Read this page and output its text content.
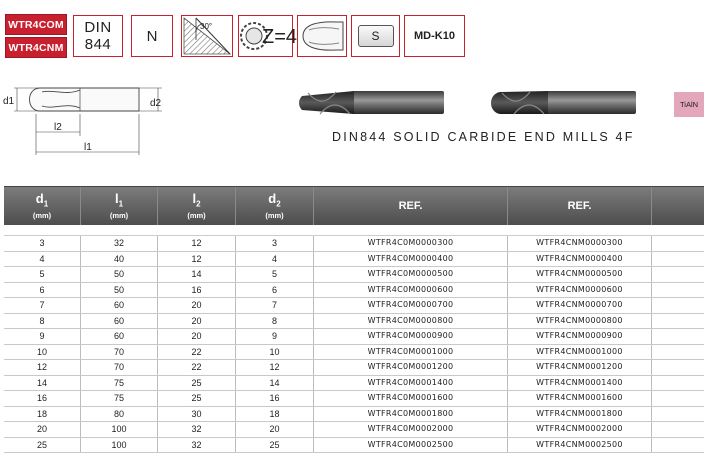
WTR4COM
WTR4CNM
DIN
844 N
30° Z=4	S	MD-K10
d1	d2
l2
l1
DIN844 SOLID CARBIDE END MILLS 4F
TiAlN
$d_1$
(mm)
$l_1$
(mm)
$l_2$
(mm)
$d_2$
(mm)
REF.	REF.
3	32	12	3	WTFR4C0M0000300	WTFR4CNM0000300
4	40	12	4	WTFR4C0M0000400	WTFR4CNM0000400
5	50	14	5	WTFR4C0M0000500	WTFR4CNM0000500
6	50	16	6	WTFR4C0M0000600	WTFR4CNM0000600
7	60	20	7	WTFR4C0M0000700	WTFR4CNM0000700
8	60	20	8	WTFR4C0M0000800	WTFR4CNM0000800
9	60	20	9	WTFR4C0M0000900	WTFR4CNM0000900
10	70	22	10	WTFR4C0M0001000	WTFR4CNM0001000
12	70	22	12	WTFR4C0M0001200	WTFR4CNM0001200
14	75	25	14	WTFR4C0M0001400	WTFR4CNM0001400
16	75	25	16	WTFR4C0M0001600	WTFR4CNM0001600
18	80	30	18	WTFR4C0M0001800	WTFR4CNM0001800
20	100	32	20	WTFR4C0M0002000	WTFR4CNM0002000
25	100	32	25	WTFR4C0M0002500	WTFR4CNM0002500
